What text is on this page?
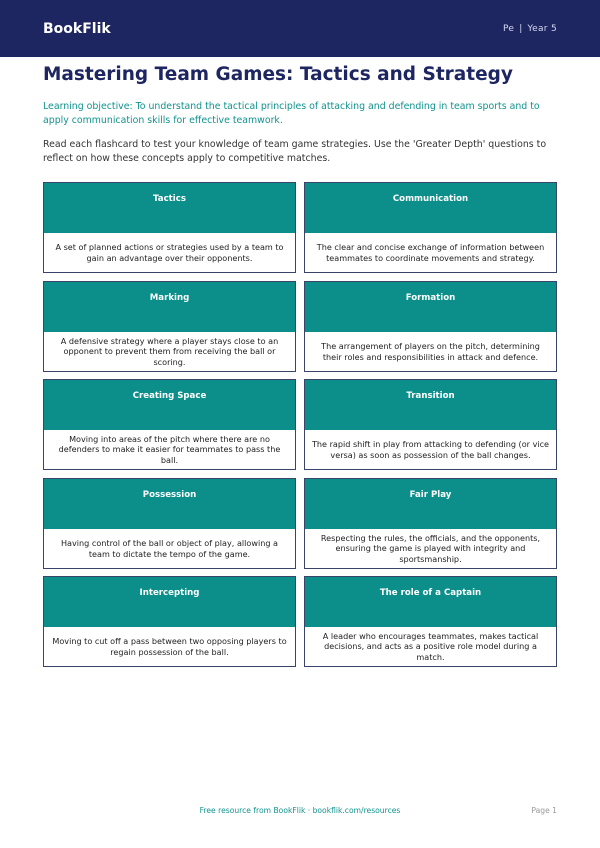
BookFlik	Pe | Year 5
Mastering Team Games: Tactics and Strategy

Learning objective: To understand the tactical principles of attacking and defending in team sports and to apply communication skills for effective teamwork.

Read each flashcard to test your knowledge of team game strategies. Use the 'Greater Depth' questions to reflect on how these concepts apply to competitive matches.

Tactics
A set of planned actions or strategies used by a team to gain an advantage over their opponents.
Communication
The clear and concise exchange of information between teammates to coordinate movements and strategy.
Marking
A defensive strategy where a player stays close to an opponent to prevent them from receiving the ball or scoring.
Formation
The arrangement of players on the pitch, determining their roles and responsibilities in attack and defence.
Creating Space
Moving into areas of the pitch where there are no defenders to make it easier for teammates to pass the ball.
Transition
The rapid shift in play from attacking to defending (or vice versa) as soon as possession of the ball changes.
Possession
Having control of the ball or object of play, allowing a team to dictate the tempo of the game.
Fair Play
Respecting the rules, the officials, and the opponents, ensuring the game is played with integrity and sportsmanship.
Intercepting
Moving to cut off a pass between two opposing players to regain possession of the ball.
The role of a Captain
A leader who encourages teammates, makes tactical decisions, and acts as a positive role model during a match.
Free resource from BookFlik · bookflik.com/resources	Page 1
